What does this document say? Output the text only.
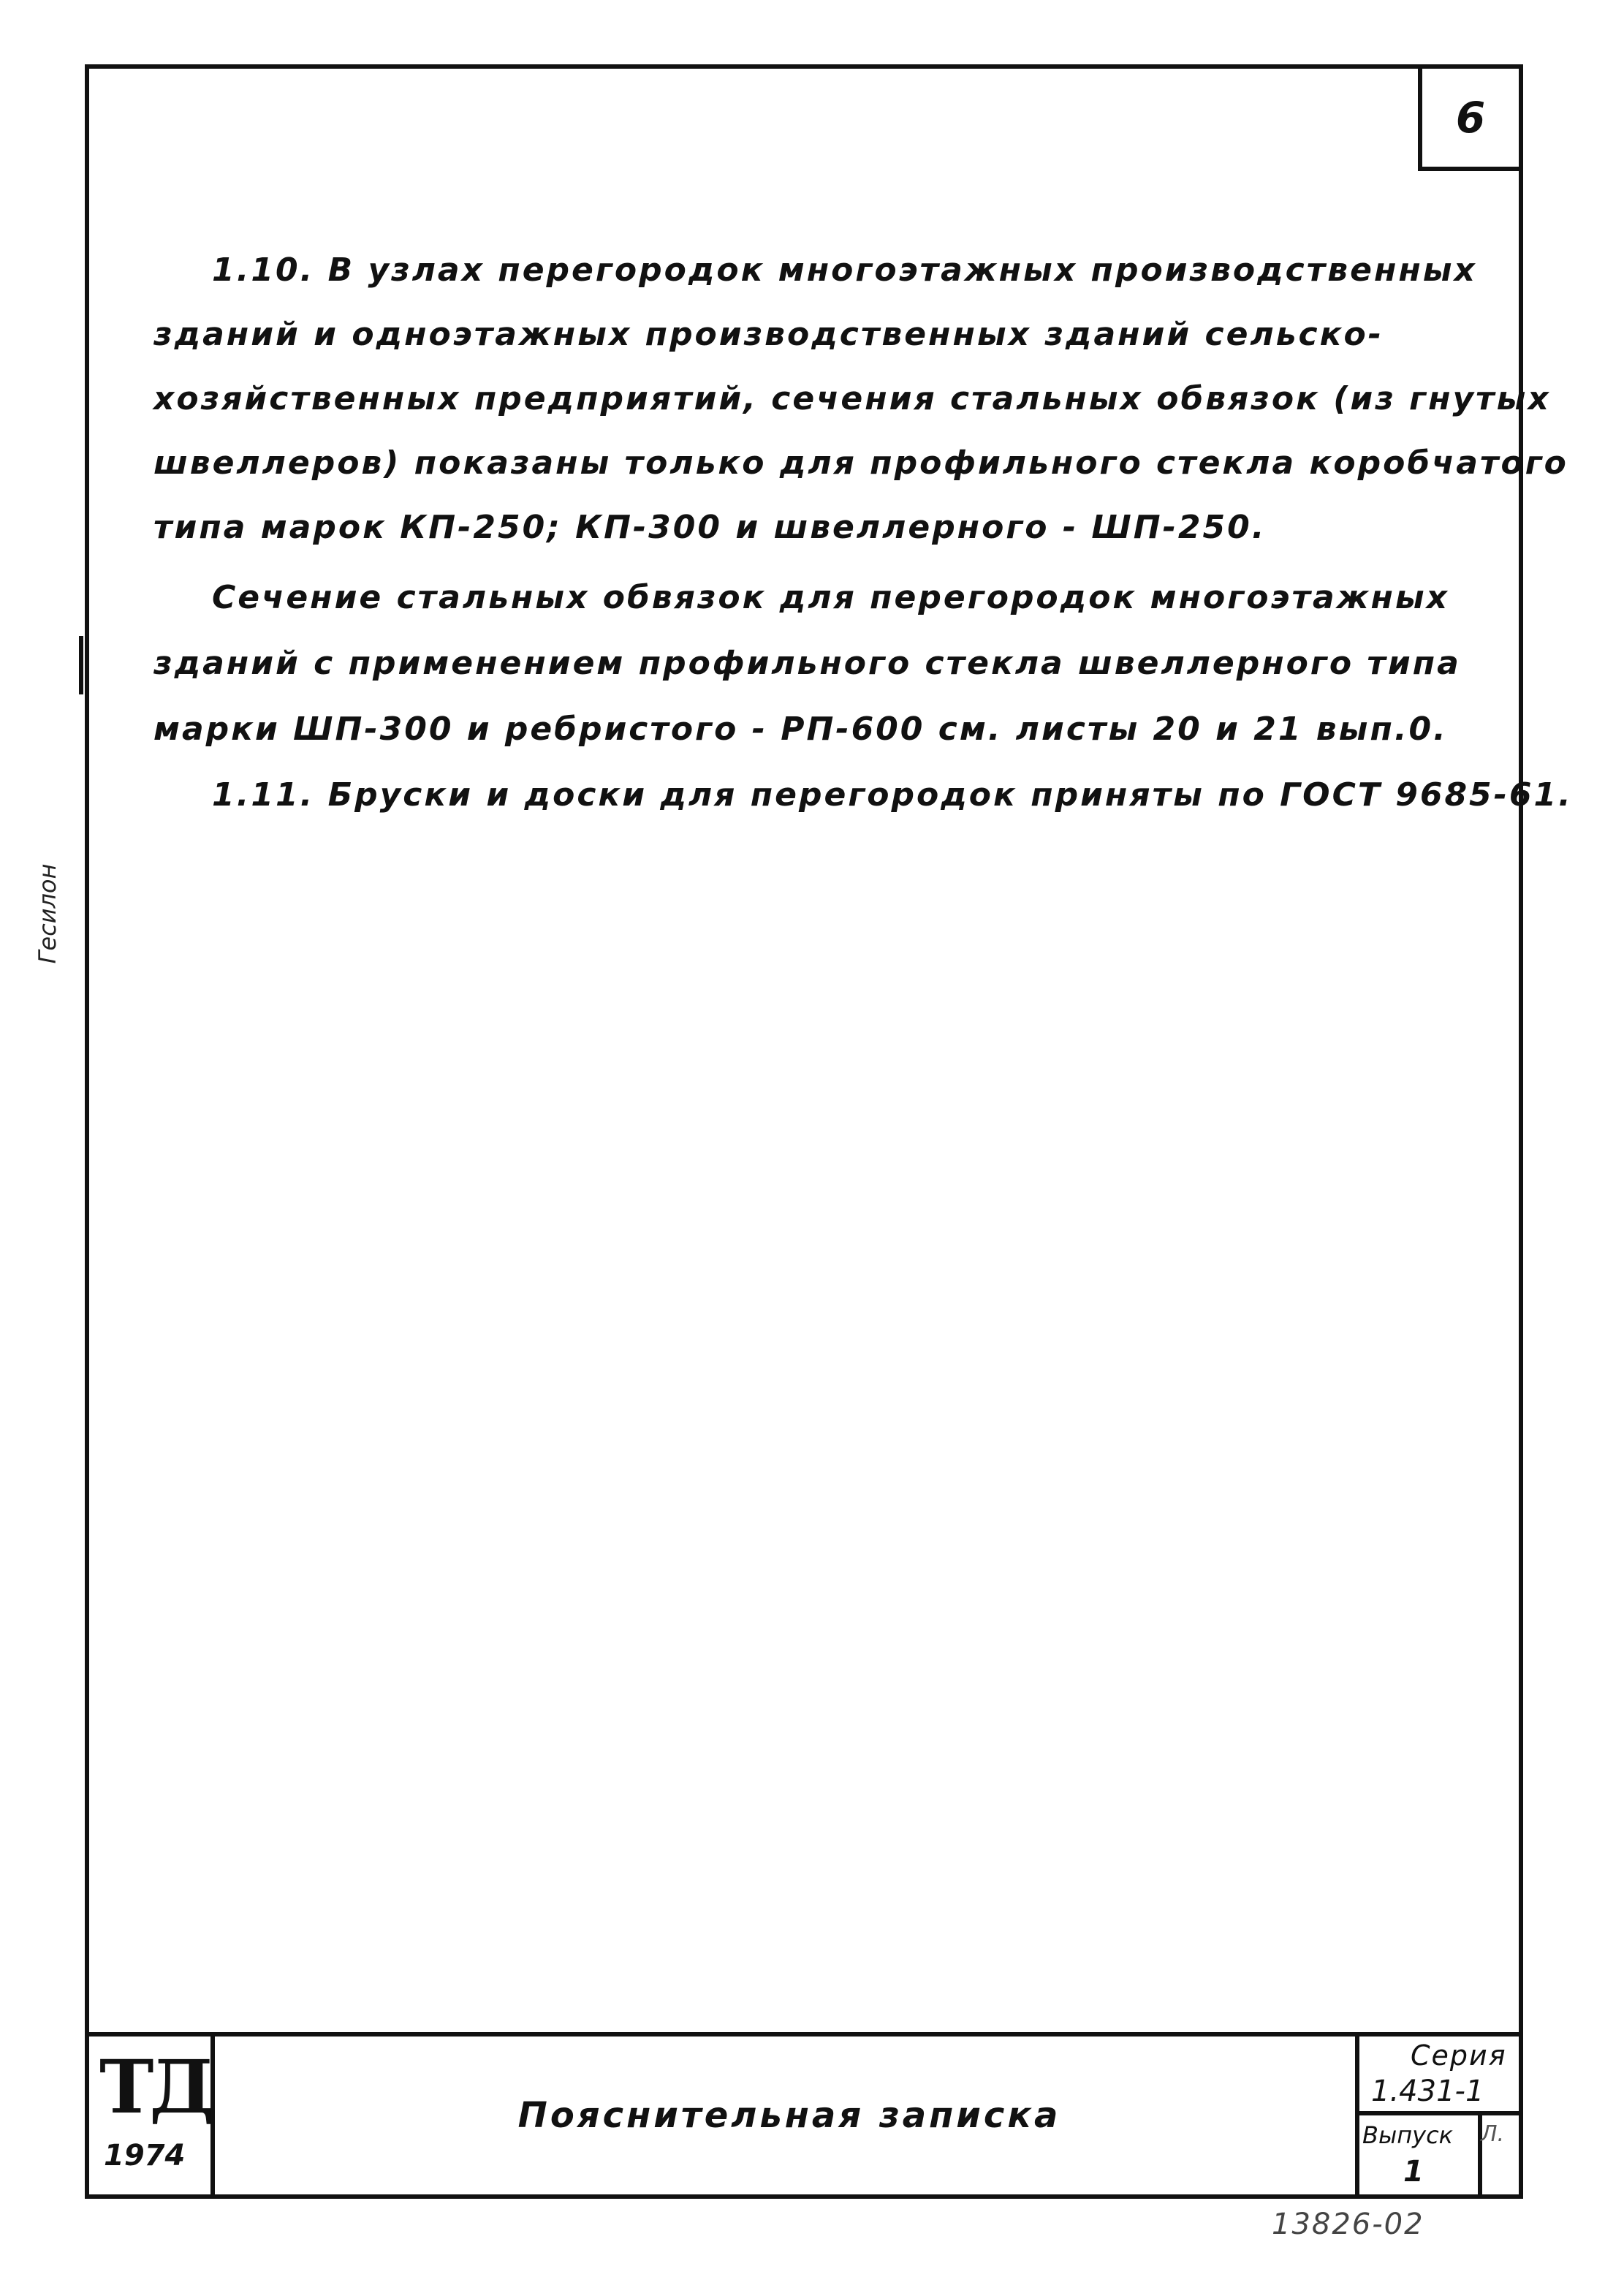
6
1.10. В узлах перегородок многоэтажных производственных
зданий и одноэтажных производственных зданий сельско-
хозяйственных предприятий, сечения стальных обвязок (из гнутых
швеллеров) показаны только для профильного стекла коробчатого
типа марок КП-250; КП-300 и швеллерного - ШП-250.
Сечение стальных обвязок для перегородок многоэтажных
зданий с применением профильного стекла швеллерного типа
марки ШП-300 и ребристого - РП-600 см. листы 20 и 21 вып.0.
1.11. Бруски и доски для перегородок приняты по ГОСТ 9685-61.
ТД
1974
Пояснительная записка
Серия
1.431-1
Выпуск
1
Л.
Гесилон
13826-02
